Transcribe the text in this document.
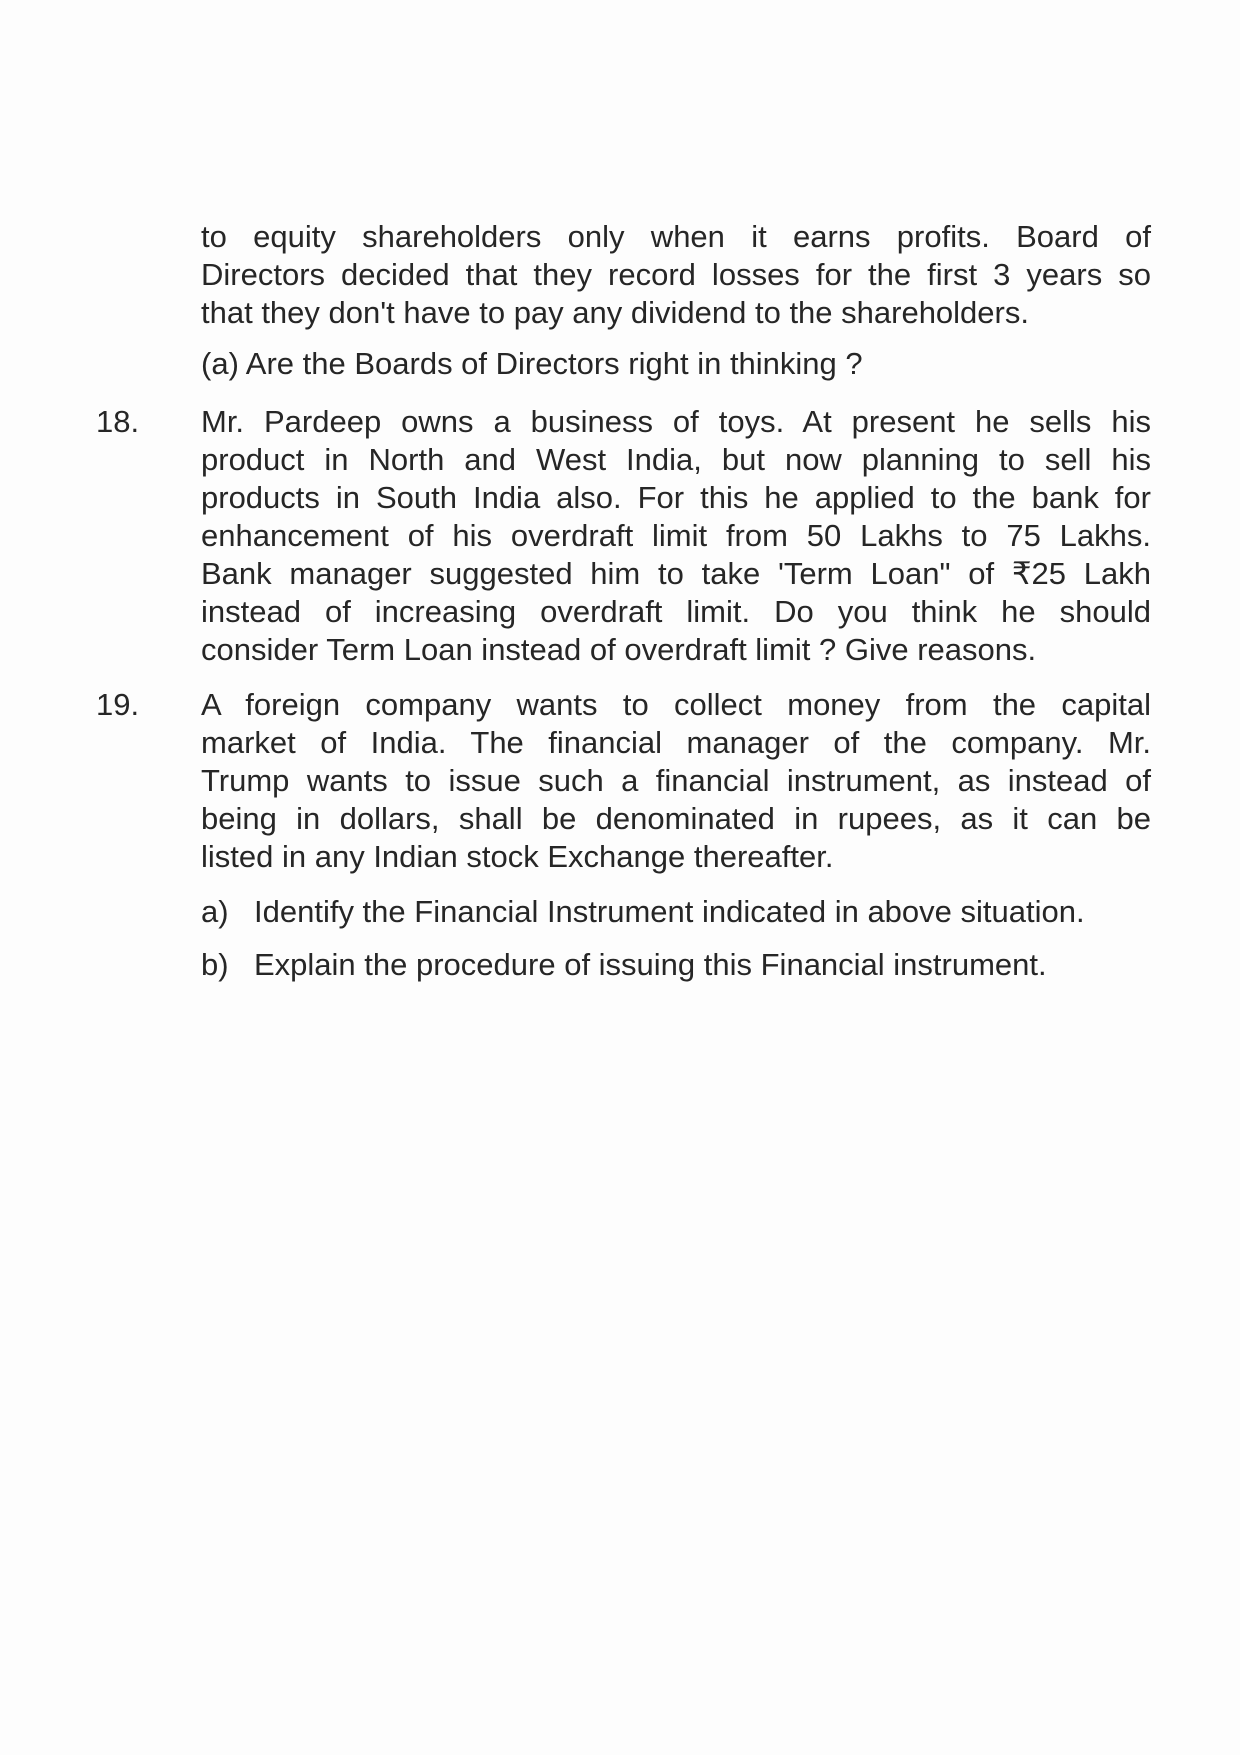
to equity shareholders only when it earns profits. Board of
Directors decided that they record losses for the first 3 years so
that they don't have to pay any dividend to the shareholders.
(a) Are the Boards of Directors right in thinking ?
18. Mr. Pardeep owns a business of toys. At present he sells his
product in North and West India, but now planning to sell his
products in South India also. For this he applied to the bank for
enhancement of his overdraft limit from 50 Lakhs to 75 Lakhs.
Bank manager suggested him to take 'Term Loan" of ₹25 Lakh
instead of increasing overdraft limit. Do you think he should
consider Term Loan instead of overdraft limit ? Give reasons.
19. A foreign company wants to collect money from the capital
market of India. The financial manager of the company. Mr.
Trump wants to issue such a financial instrument, as instead of
being in dollars, shall be denominated in rupees, as it can be
listed in any Indian stock Exchange thereafter.
a) Identify the Financial Instrument indicated in above situation.
b) Explain the procedure of issuing this Financial instrument.
